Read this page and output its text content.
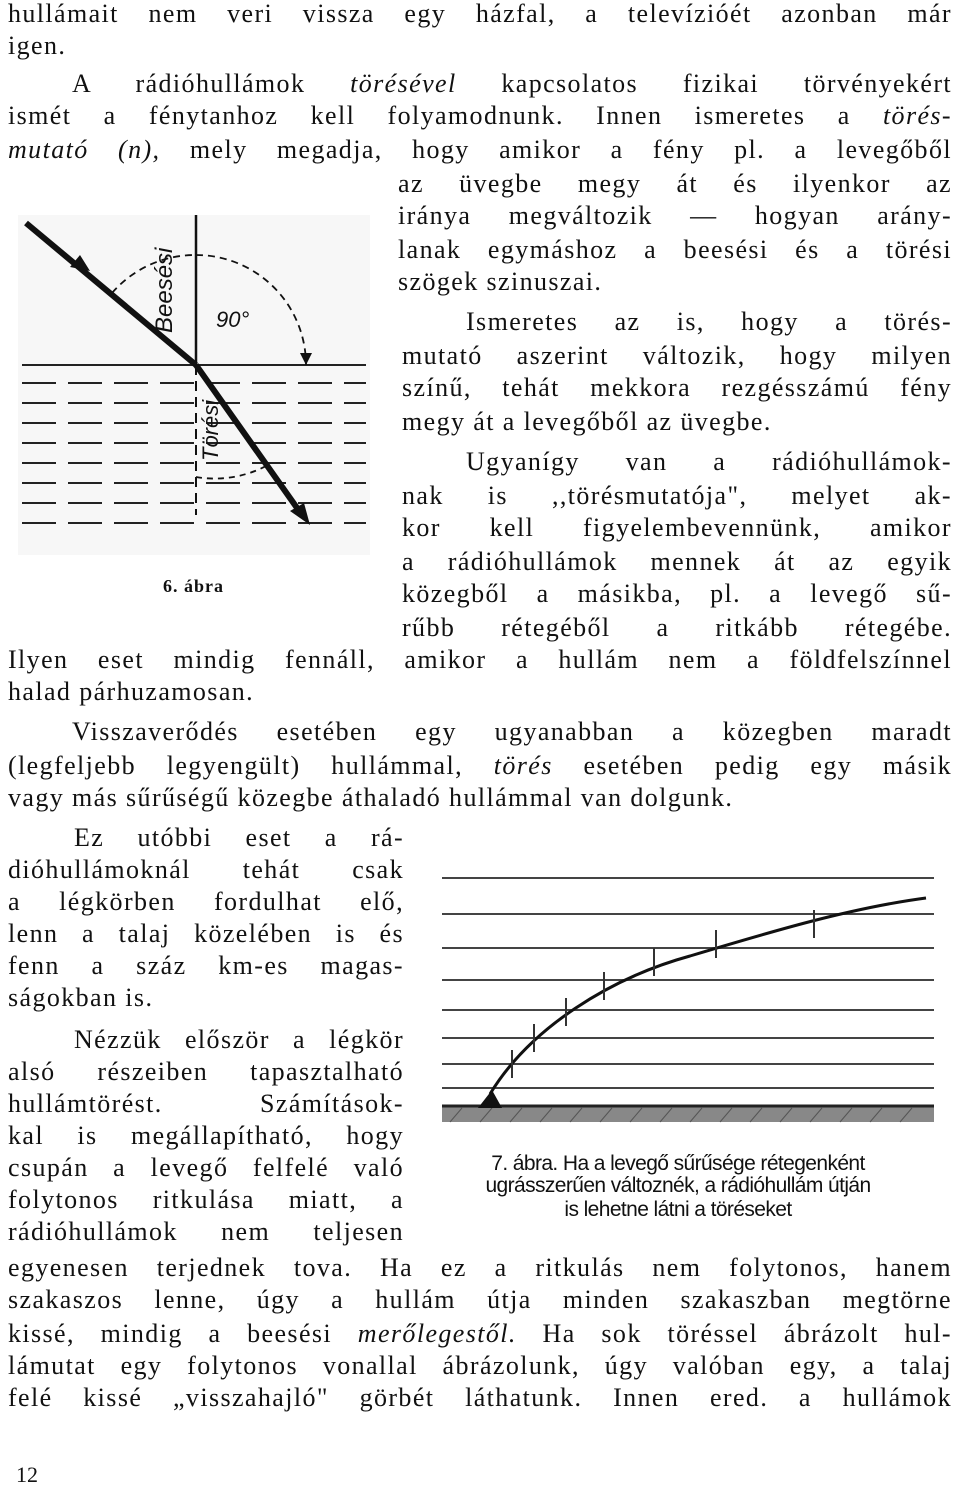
Beesési 90°
Törési
6. ábra
7. ábra. Ha a levegő sűrűsége rétegenként
ugrásszerűen változnék, a rádióhullám útján
is lehetne látni a töréseket
hullámait nem veri vissza egy házfal, a televízióét azonban már
igen.
A rádióhullámok törésével kapcsolatos fizikai törvényekért
ismét a fénytanhoz kell folyamodnunk. Innen ismeretes a törés-
mutató (n), mely megadja, hogy amikor a fény pl. a levegőből
az üvegbe megy át és ilyenkor az
iránya megváltozik — hogyan arány-
lanak egymáshoz a beesési és a törési
szögek szinuszai.
Ismeretes az is, hogy a törés-
mutató aszerint változik, hogy milyen
színű, tehát mekkora rezgésszámú fény
megy át a levegőből az üvegbe.
Ugyanígy van a rádióhullámok-
nak is ,,törésmutatója", melyet ak-
kor kell figyelembevennünk, amikor
a rádióhullámok mennek át az egyik
közegből a másikba, pl. a levegő sű-
rűbb rétegéből a ritkább rétegébe.
Ilyen eset mindig fennáll, amikor a hullám nem a földfelszínnel
halad párhuzamosan.
Visszaverődés esetében egy ugyanabban a közegben maradt
(legfeljebb legyengült) hullámmal, törés esetében pedig egy másik
vagy más sűrűségű közegbe áthaladó hullámmal van dolgunk.
Ez utóbbi eset a rá-
dióhullámoknál tehát csak
a légkörben fordulhat elő,
lenn a talaj közelében is és
fenn a száz km-es magas-
ságokban is.
Nézzük először a légkör
alsó részeiben tapasztalható
hullámtörést. Számítások-
kal is megállapítható, hogy
csupán a levegő felfelé való
folytonos ritkulása miatt, a
rádióhullámok nem teljesen
egyenesen terjednek tova. Ha ez a ritkulás nem folytonos, hanem
szakaszos lenne, úgy a hullám útja minden szakaszban megtörne
kissé, mindig a beesési merőlegestől. Ha sok töréssel ábrázolt hul-
lámutat egy folytonos vonallal ábrázolunk, úgy valóban egy, a talaj
felé kissé „visszahajló" görbét láthatunk. Innen ered. a hullámok
12
